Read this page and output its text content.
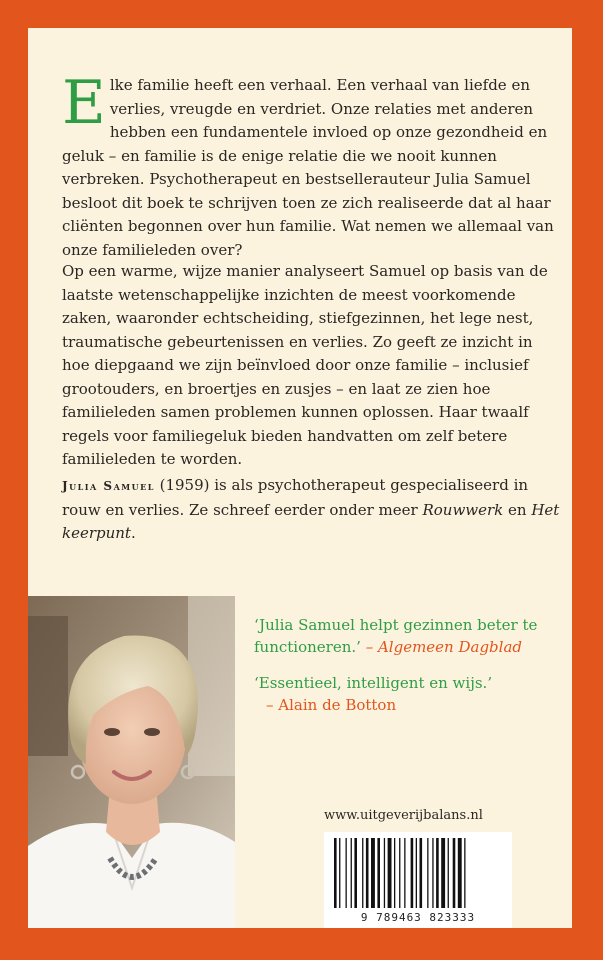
Elke familie heeft een verhaal. Een verhaal van liefde en verlies, vreugde en verdriet. Onze relaties met anderen hebben een fundamentele invloed op onze gezondheid en geluk – en familie is de enige relatie die we nooit kunnen verbreken. Psychotherapeut en bestsellerauteur Julia Samuel besloot dit boek te schrijven toen ze zich realiseerde dat al haar cliënten begonnen over hun familie. Wat nemen we allemaal van onze familieleden over?
Op een warme, wijze manier analyseert Samuel op basis van de laatste wetenschappelijke inzichten de meest voorkomende zaken, waaronder echtscheiding, stiefgezinnen, het lege nest, traumatische gebeurtenissen en verlies. Zo geeft ze inzicht in hoe diepgaand we zijn beïnvloed door onze familie – inclusief grootouders, en broertjes en zusjes – en laat ze zien hoe familieleden samen problemen kunnen oplossen. Haar twaalf regels voor familiegeluk bieden handvatten om zelf betere familieleden te worden.
Julia Samuel (1959) is als psychotherapeut gespecialiseerd in rouw en verlies. Ze schreef eerder onder meer Rouwwerk en Het keerpunt.
‘Julia Samuel helpt gezinnen beter te functioneren.’ – Algemeen Dagblad
‘Essentieel, intelligent en wijs.’
– Alain de Botton
www.uitgeverijbalans.nl
9 789463 823333
